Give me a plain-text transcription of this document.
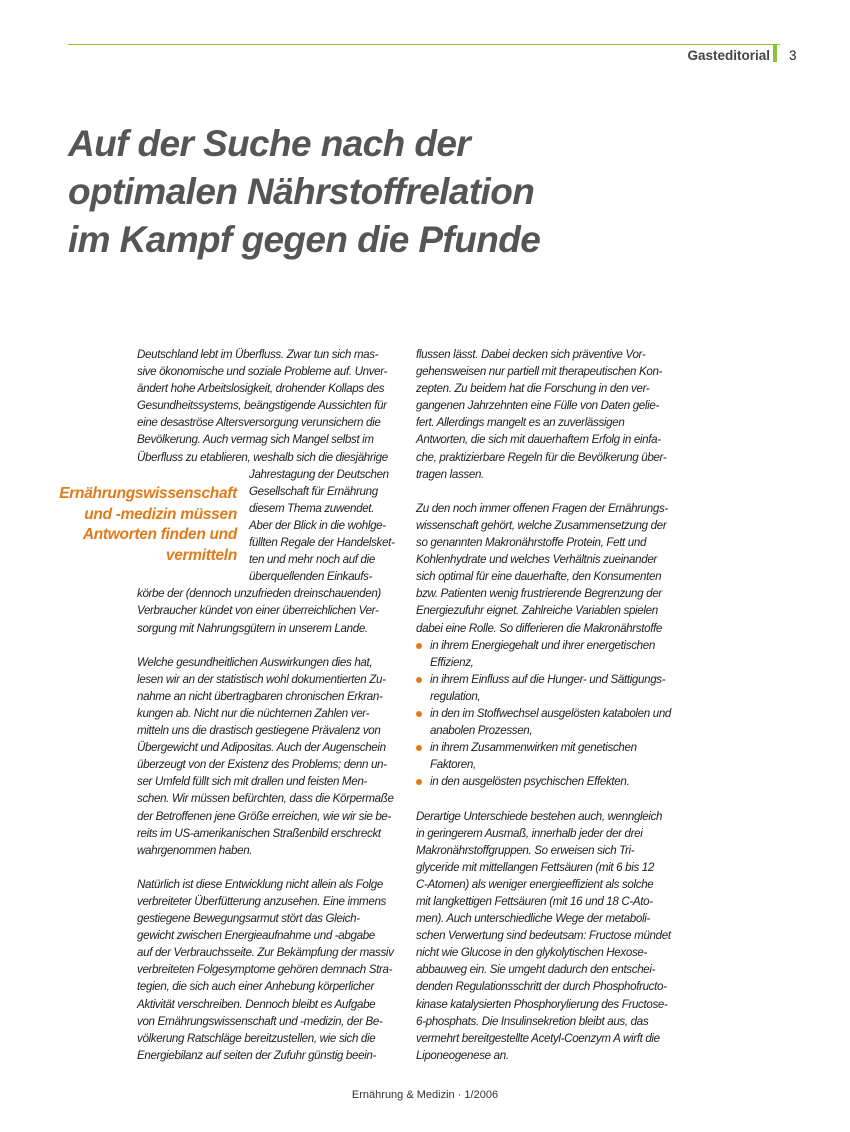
Gasteditorial 3
Auf der Suche nach der
optimalen Nährstoffrelation
im Kampf gegen die Pfunde
Ernährungswissenschaft
und -medizin müssen
Antworten finden und
vermitteln
Deutschland lebt im Überfluss. Zwar tun sich mas-
sive ökonomische und soziale Probleme auf. Unver-
ändert hohe Arbeitslosigkeit, drohender Kollaps des
Gesundheitssystems, beängstigende Aussichten für
eine desaströse Altersversorgung verunsichern die
Bevölkerung. Auch vermag sich Mangel selbst im
Überfluss zu etablieren, weshalb sich die diesjährige
Jahrestagung der Deutschen
Gesellschaft für Ernährung
diesem Thema zuwendet.
Aber der Blick in die wohlge-
füllten Regale der Handelsket-
ten und mehr noch auf die
überquellenden Einkaufs-
körbe der (dennoch unzufrieden dreinschauenden)
Verbraucher kündet von einer überreichlichen Ver-
sorgung mit Nahrungsgütern in unserem Lande.
Welche gesundheitlichen Auswirkungen dies hat,
lesen wir an der statistisch wohl dokumentierten Zu-
nahme an nicht übertragbaren chronischen Erkran-
kungen ab. Nicht nur die nüchternen Zahlen ver-
mitteln uns die drastisch gestiegene Prävalenz von
Übergewicht und Adipositas. Auch der Augenschein
überzeugt von der Existenz des Problems; denn un-
ser Umfeld füllt sich mit drallen und feisten Men-
schen. Wir müssen befürchten, dass die Körpermaße
der Betroffenen jene Größe erreichen, wie wir sie be-
reits im US-amerikanischen Straßenbild erschreckt
wahrgenommen haben.
Natürlich ist diese Entwicklung nicht allein als Folge
verbreiteter Überfütterung anzusehen. Eine immens
gestiegene Bewegungsarmut stört das Gleich-
gewicht zwischen Energieaufnahme und -abgabe
auf der Verbrauchsseite. Zur Bekämpfung der massiv
verbreiteten Folgesymptome gehören demnach Stra-
tegien, die sich auch einer Anhebung körperlicher
Aktivität verschreiben. Dennoch bleibt es Aufgabe
von Ernährungswissenschaft und -medizin, der Be-
völkerung Ratschläge bereitzustellen, wie sich die
Energiebilanz auf seiten der Zufuhr günstig beein-
flussen lässt. Dabei decken sich präventive Vor-
gehensweisen nur partiell mit therapeutischen Kon-
zepten. Zu beidem hat die Forschung in den ver-
gangenen Jahrzehnten eine Fülle von Daten gelie-
fert. Allerdings mangelt es an zuverlässigen
Antworten, die sich mit dauerhaftem Erfolg in einfa-
che, praktizierbare Regeln für die Bevölkerung über-
tragen lassen.
Zu den noch immer offenen Fragen der Ernährungs-
wissenschaft gehört, welche Zusammensetzung der
so genannten Makronährstoffe Protein, Fett und
Kohlenhydrate und welches Verhältnis zueinander
sich optimal für eine dauerhafte, den Konsumenten
bzw. Patienten wenig frustrierende Begrenzung der
Energiezufuhr eignet. Zahlreiche Variablen spielen
dabei eine Rolle. So differieren die Makronährstoffe
in ihrem Energiegehalt und ihrer energetischen
Effizienz,
in ihrem Einfluss auf die Hunger- und Sättigungs-
regulation,
in den im Stoffwechsel ausgelösten katabolen und
anabolen Prozessen,
in ihrem Zusammenwirken mit genetischen
Faktoren,
in den ausgelösten psychischen Effekten.
Derartige Unterschiede bestehen auch, wenngleich
in geringerem Ausmaß, innerhalb jeder der drei
Makronährstoffgruppen. So erweisen sich Tri-
glyceride mit mittellangen Fettsäuren (mit 6 bis 12
C-Atomen) als weniger energieeffizient als solche
mit langkettigen Fettsäuren (mit 16 und 18 C-Ato-
men). Auch unterschiedliche Wege der metaboli-
schen Verwertung sind bedeutsam: Fructose mündet
nicht wie Glucose in den glykolytischen Hexose-
abbauweg ein. Sie umgeht dadurch den entschei-
denden Regulationsschritt der durch Phosphofructo-
kinase katalysierten Phosphorylierung des Fructose-
6-phosphats. Die Insulinsekretion bleibt aus, das
vermehrt bereitgestellte Acetyl-Coenzym A wirft die
Liponeogenese an.
Ernährung & Medizin · 1/2006
